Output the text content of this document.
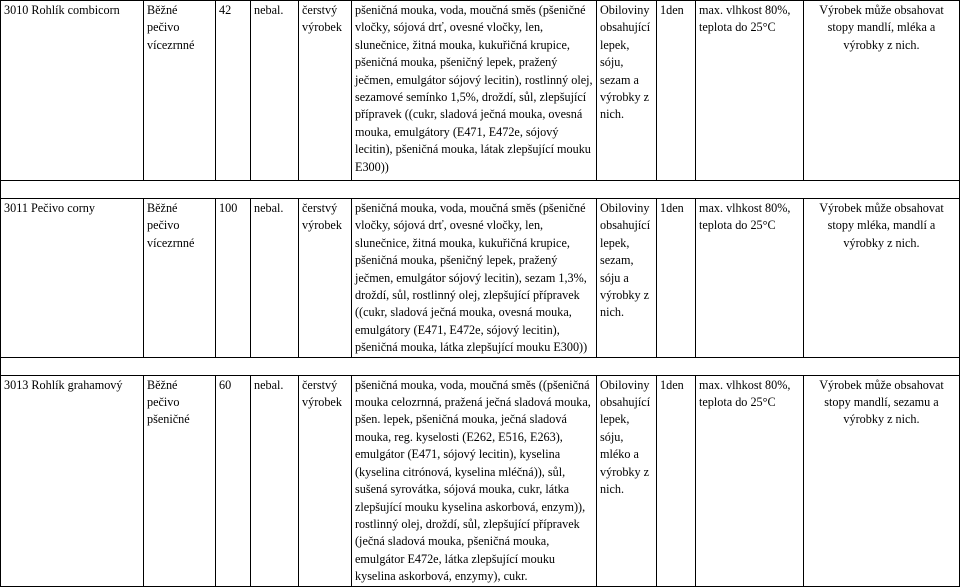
3010 Rohlík combicorn	Běžné pečivo vícezrnné	42	nebal.	čerstvý výrobek	pšeničná mouka, voda, moučná směs (pšeničné vločky, sójová drť, ovesné vločky, len, slunečnice, žitná mouka, kukuřičná krupice, pšeničná mouka, pšeničný lepek, pražený ječmen, emulgátor sójový lecitin), rostlinný olej, sezamové semínko 1,5%, droždí, sůl, zlepšující přípravek ((cukr, sladová ječná mouka, ovesná mouka, emulgátory (E471, E472e, sójový lecitin), pšeničná mouka, látak zlepšující mouku E300))	Obiloviny obsahující lepek, sóju, sezam a výrobky z nich.	1den	max. vlhkost 80%, teplota do 25°C	Výrobek může obsahovat stopy mandlí, mléka a výrobky z nich.

3011 Pečivo corny	Běžné pečivo vícezrnné	100	nebal.	čerstvý výrobek	pšeničná mouka, voda, moučná směs (pšeničné vločky, sójová drť, ovesné vločky, len, slunečnice, žitná mouka, kukuřičná krupice, pšeničná mouka, pšeničný lepek, pražený ječmen, emulgátor sójový lecitin), sezam 1,3%, droždí, sůl, rostlinný olej, zlepšující přípravek ((cukr, sladová ječná mouka, ovesná mouka, emulgátory (E471, E472e, sójový lecitin), pšeničná mouka, látka zlepšující mouku E300))	Obiloviny obsahující lepek, sezam, sóju a výrobky z nich.	1den	max. vlhkost 80%, teplota do 25°C	Výrobek může obsahovat stopy mléka, mandlí a výrobky z nich.

3013 Rohlík grahamový	Běžné pečivo pšeničné	60	nebal.	čerstvý výrobek	pšeničná mouka, voda, moučná směs ((pšeničná mouka celozrnná, pražená ječná sladová mouka, pšen. lepek, pšeničná mouka, ječná sladová mouka, reg. kyselosti (E262, E516, E263), emulgátor (E471, sójový lecitin), kyselina (kyselina citrónová, kyselina mléčná)), sůl, sušená syrovátka, sójová mouka, cukr, látka zlepšující mouku kyselina askorbová, enzym)), rostlinný olej, droždí, sůl, zlepšující přípravek (ječná sladová mouka, pšeničná mouka, emulgátor E472e, látka zlepšující mouku kyselina askorbová, enzymy), cukr.	Obiloviny obsahující lepek, sóju, mléko a výrobky z nich.	1den	max. vlhkost 80%, teplota do 25°C	Výrobek může obsahovat stopy mandlí, sezamu a výrobky z nich.
